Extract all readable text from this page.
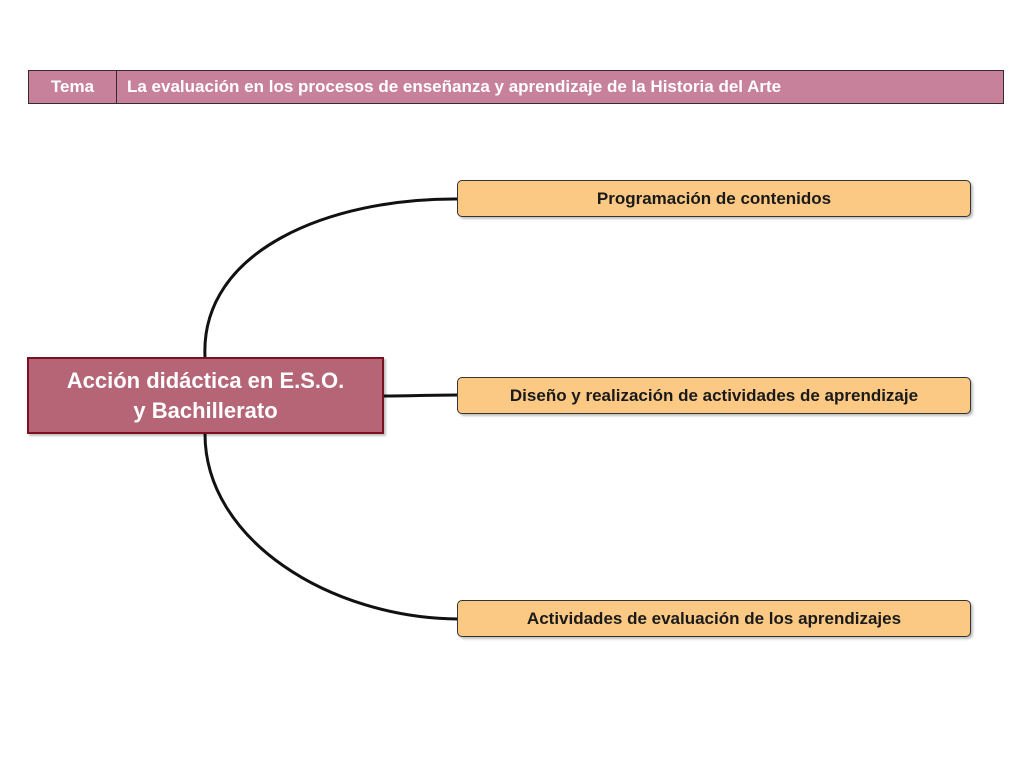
Tema	La evaluación en los procesos de enseñanza y aprendizaje de la Historia del Arte
Acción didáctica en E.S.O.
y Bachillerato
Programación de contenidos
Diseño y realización de actividades de aprendizaje
Actividades de evaluación de los aprendizajes
